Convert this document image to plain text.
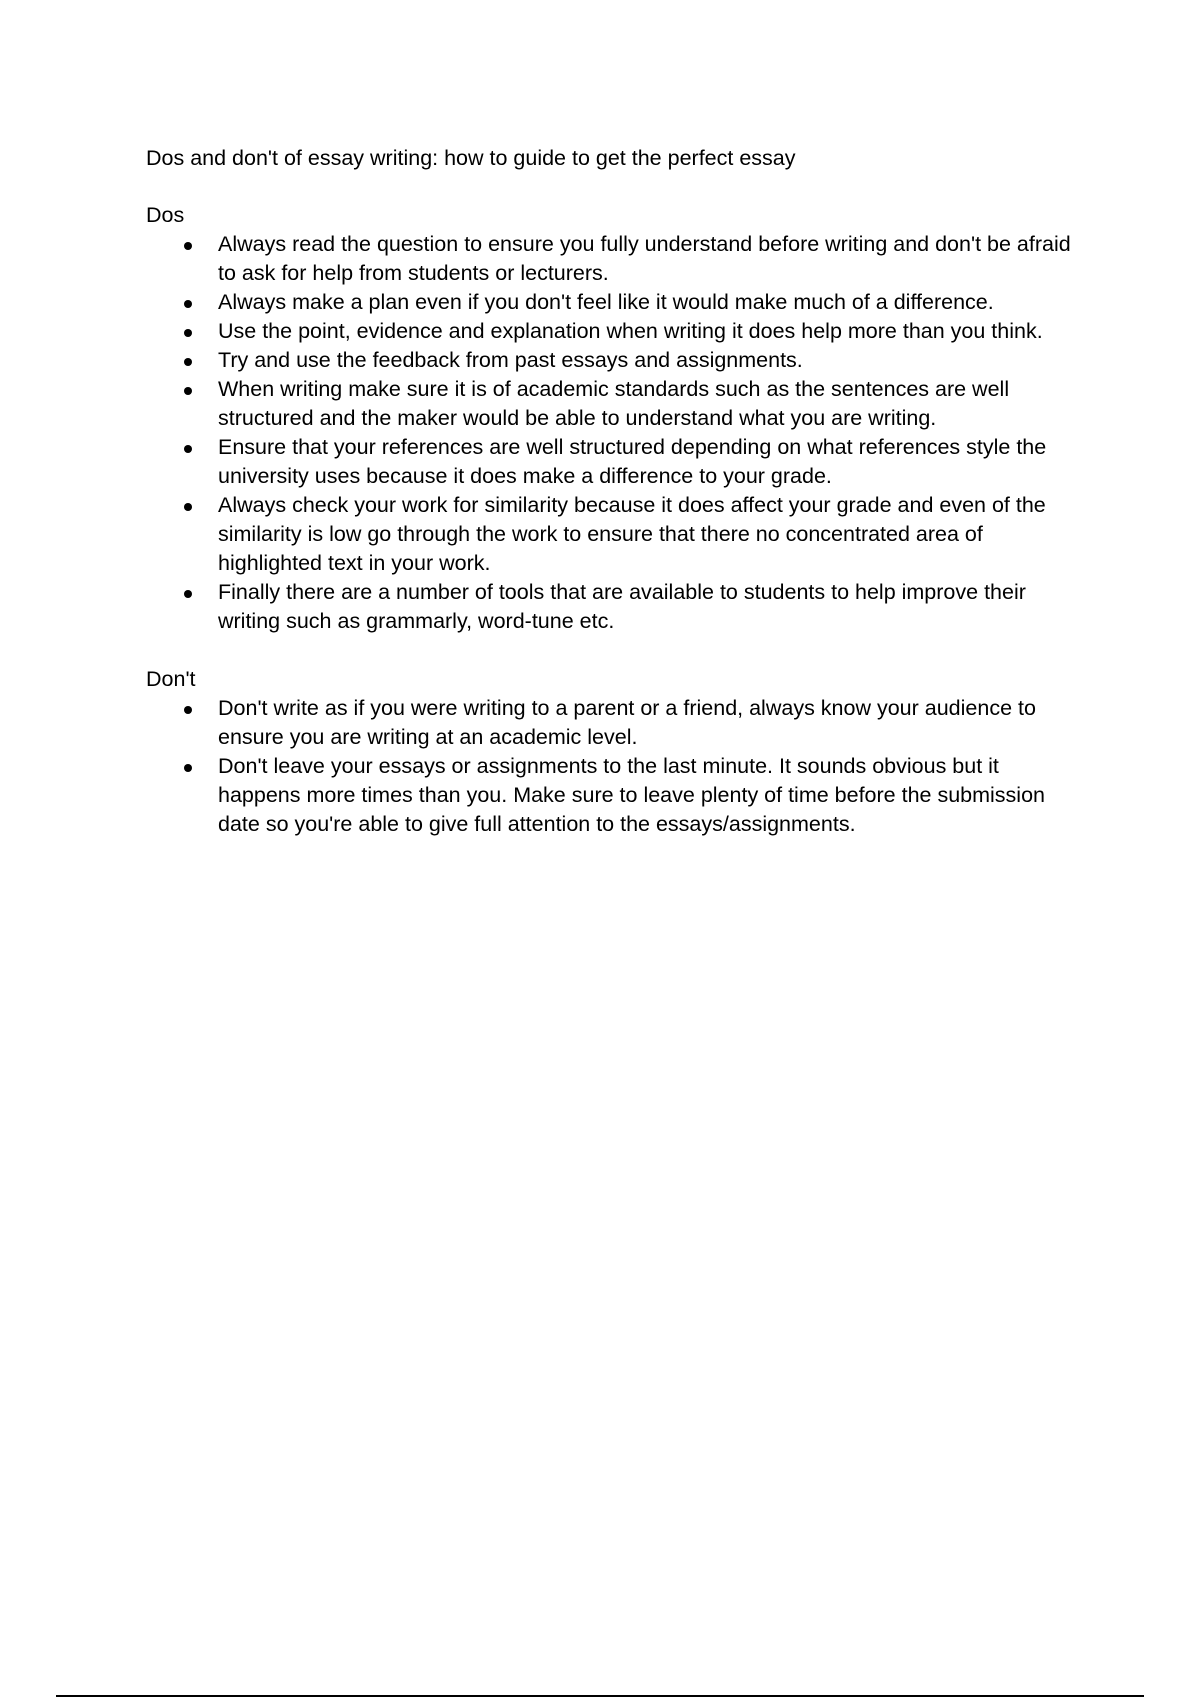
Dos and don't of essay writing: how to guide to get the perfect essay

Dos

Always read the question to ensure you fully understand before writing and don't be afraid to ask for help from students or lecturers.
Always make a plan even if you don't feel like it would make much of a difference.
Use the point, evidence and explanation when writing it does help more than you think.
Try and use the feedback from past essays and assignments.
When writing make sure it is of academic standards such as the sentences are well structured and the maker would be able to understand what you are writing.
Ensure that your references are well structured depending on what references style the university uses because it does make a difference to your grade.
Always check your work for similarity because it does affect your grade and even of the similarity is low go through the work to ensure that there no concentrated area of highlighted text in your work.
Finally there are a number of tools that are available to students to help improve their writing such as grammarly, word-tune etc.

Don't

Don't write as if you were writing to a parent or a friend, always know your audience to ensure you are writing at an academic level.
Don't leave your essays or assignments to the last minute. It sounds obvious but it happens more times than you. Make sure to leave plenty of time before the submission date so you're able to give full attention to the essays/assignments.
